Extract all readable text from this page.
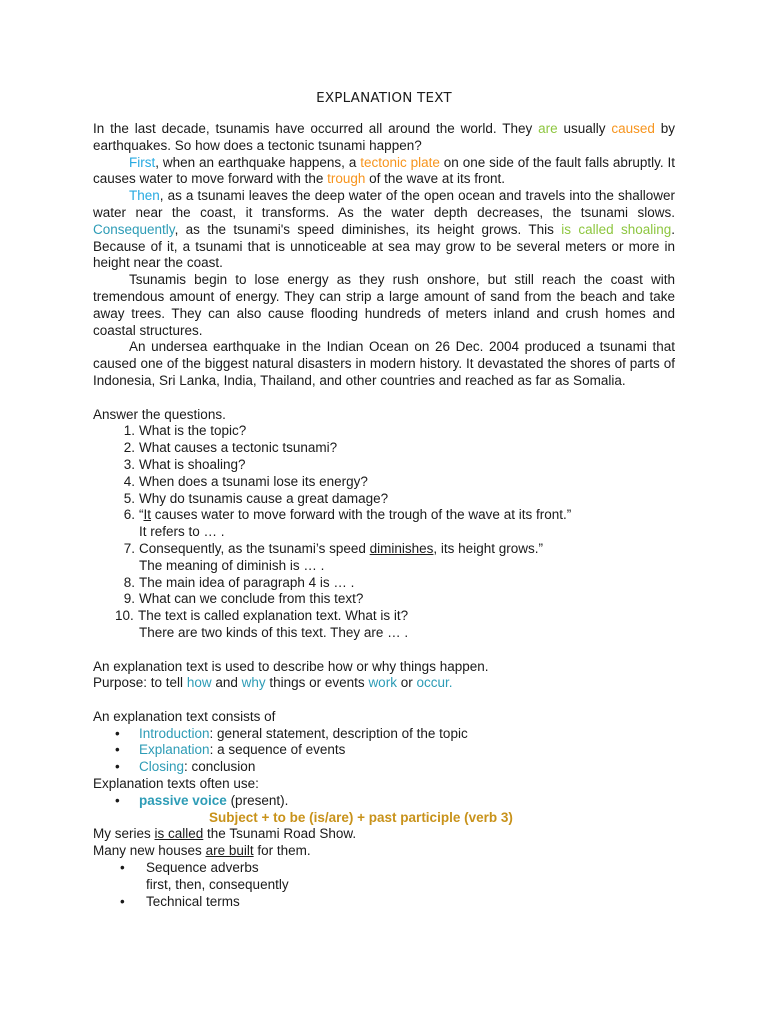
EXPLANATION TEXT

In the last decade, tsunamis have occurred all around the world. They are usually caused by earthquakes. So how does a tectonic tsunami happen?

First, when an earthquake happens, a tectonic plate on one side of the fault falls abruptly. It causes water to move forward with the trough of the wave at its front.

Then, as a tsunami leaves the deep water of the open ocean and travels into the shallower water near the coast, it transforms. As the water depth decreases, the tsunami slows. Consequently, as the tsunami's speed diminishes, its height grows. This is called shoaling. Because of it, a tsunami that is unnoticeable at sea may grow to be several meters or more in height near the coast.

Tsunamis begin to lose energy as they rush onshore, but still reach the coast with tremendous amount of energy. They can strip a large amount of sand from the beach and take away trees. They can also cause flooding hundreds of meters inland and crush homes and coastal structures.

An undersea earthquake in the Indian Ocean on 26 Dec. 2004 produced a tsunami that caused one of the biggest natural disasters in modern history. It devastated the shores of parts of Indonesia, Sri Lanka, India, Thailand, and other countries and reached as far as Somalia.

Answer the questions.

1. What is the topic?
2. What causes a tectonic tsunami?
3. What is shoaling?
4. When does a tsunami lose its energy?
5. Why do tsunamis cause a great damage?
6. “It causes water to move forward with the trough of the wave at its front.”
It refers to … .
7. Consequently, as the tsunami’s speed diminishes, its height grows.”
The meaning of diminish is … .
8. The main idea of paragraph 4 is … .
9. What can we conclude from this text?
10. The text is called explanation text. What is it?
There are two kinds of this text. They are … .

An explanation text is used to describe how or why things happen.

Purpose: to tell how and why things or events work or occur.

An explanation text consists of

• Introduction: general statement, description of the topic
• Explanation: a sequence of events
• Closing: conclusion

Explanation texts often use:

• passive voice (present).

Subject + to be (is/are) + past participle (verb 3)

My series is called the Tsunami Road Show.

Many new houses are built for them.

• Sequence adverbs
first, then, consequently
• Technical terms
